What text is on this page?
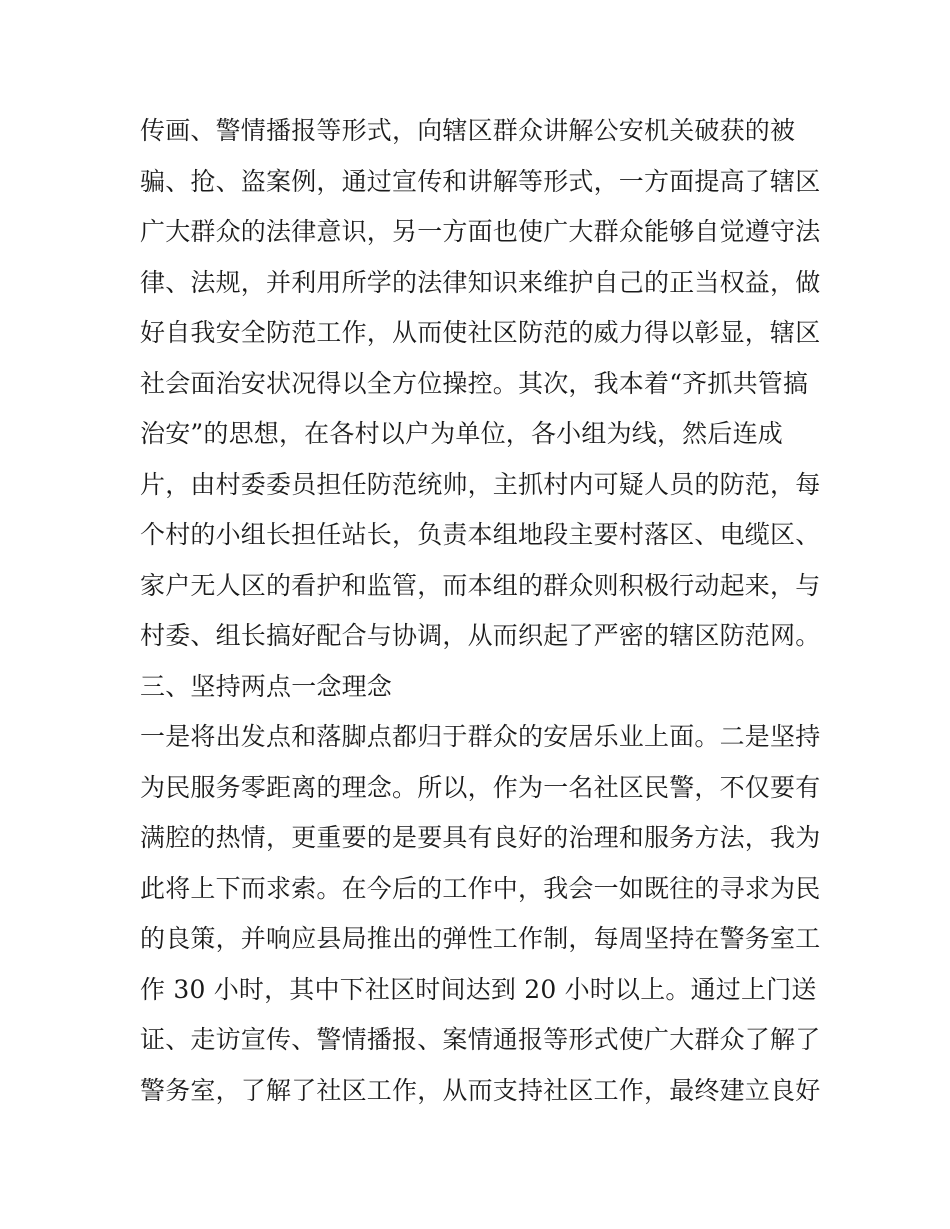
传画、警情播报等形式，向辖区群众讲解公安机关破获的被
骗、抢、盗案例，通过宣传和讲解等形式，一方面提高了辖区
广大群众的法律意识，另一方面也使广大群众能够自觉遵守法
律、法规，并利用所学的法律知识来维护自己的正当权益，做
好自我安全防范工作，从而使社区防范的威力得以彰显，辖区
社会面治安状况得以全方位操控。其次，我本着“齐抓共管搞
治安”的思想，在各村以户为单位，各小组为线，然后连成
片，由村委委员担任防范统帅，主抓村内可疑人员的防范，每
个村的小组长担任站长，负责本组地段主要村落区、电缆区、
家户无人区的看护和监管，而本组的群众则积极行动起来，与
村委、组长搞好配合与协调，从而织起了严密的辖区防范网。
三、坚持两点一念理念
一是将出发点和落脚点都归于群众的安居乐业上面。二是坚持
为民服务零距离的理念。所以，作为一名社区民警，不仅要有
满腔的热情，更重要的是要具有良好的治理和服务方法，我为
此将上下而求索。在今后的工作中，我会一如既往的寻求为民
的良策，并响应县局推出的弹性工作制，每周坚持在警务室工
作 30 小时，其中下社区时间达到 20 小时以上。通过上门送
证、走访宣传、警情播报、案情通报等形式使广大群众了解了
警务室，了解了社区工作，从而支持社区工作，最终建立良好
